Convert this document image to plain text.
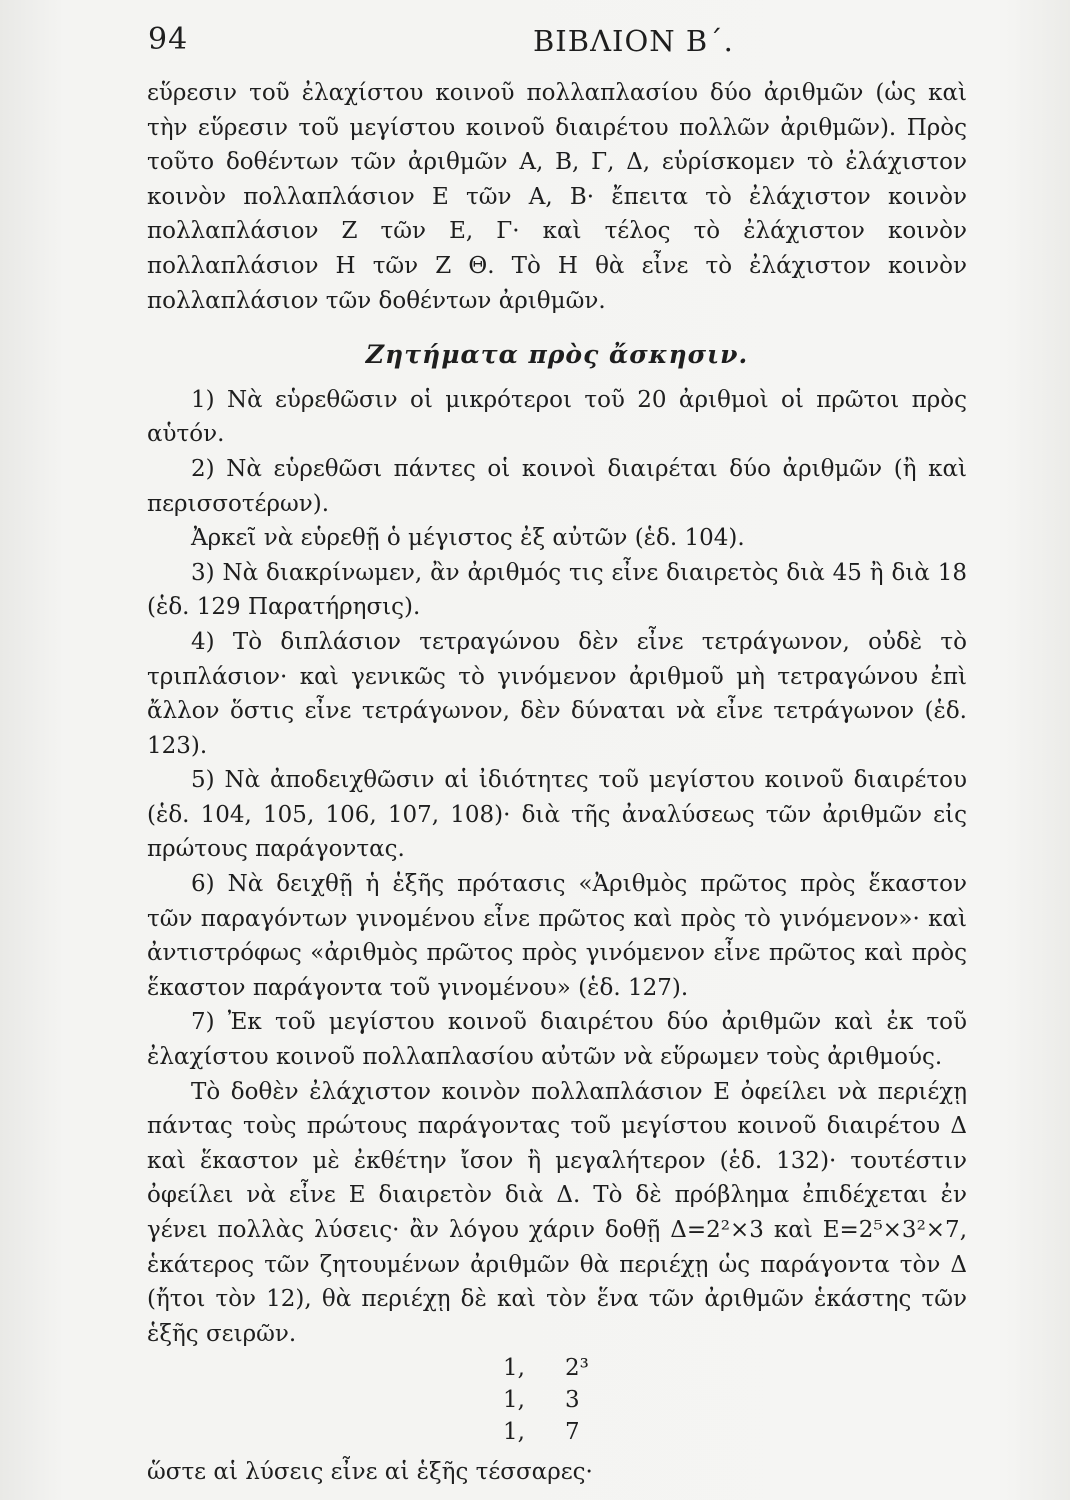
94	ΒΙΒΛΙΟΝ Β΄.

εὕρεσιν τοῦ ἐλαχίστου κοινοῦ πολλαπλασίου δύο ἀριθμῶν (ὡς καὶ τὴν εὕρεσιν τοῦ μεγίστου κοινοῦ διαιρέτου πολλῶν ἀριθμῶν). Πρὸς τοῦτο δοθέντων τῶν ἀριθμῶν Α, Β, Γ, Δ, εὑρίσκομεν τὸ ἐλάχιστον κοινὸν πολλαπλάσιον Ε τῶν Α, Β· ἔπειτα τὸ ἐλάχιστον κοινὸν πολλαπλάσιον Ζ τῶν Ε, Γ· καὶ τέλος τὸ ἐλάχιστον κοινὸν πολλαπλάσιον Η τῶν Ζ Θ. Τὸ Η θὰ εἶνε τὸ ἐλάχιστον κοινὸν πολλαπλάσιον τῶν δοθέντων ἀριθμῶν.

Ζητήματα πρὸς ἄσκησιν.

1) Νὰ εὑρεθῶσιν οἱ μικρότεροι τοῦ 20 ἀριθμοὶ οἱ πρῶτοι πρὸς αὑτόν.

2) Νὰ εὑρεθῶσι πάντες οἱ κοινοὶ διαιρέται δύο ἀριθμῶν (ἢ καὶ περισσοτέρων).

Ἀρκεῖ νὰ εὑρεθῇ ὁ μέγιστος ἐξ αὐτῶν (ἑδ. 104).

3) Νὰ διακρίνωμεν, ἂν ἀριθμός τις εἶνε διαιρετὸς διὰ 45 ἢ διὰ 18 (ἑδ. 129 Παρατήρησις).

4) Τὸ διπλάσιον τετραγώνου δὲν εἶνε τετράγωνον, οὐδὲ τὸ τριπλάσιον· καὶ γενικῶς τὸ γινόμενον ἀριθμοῦ μὴ τετραγώνου ἐπὶ ἄλλον ὅστις εἶνε τετράγωνον, δὲν δύναται νὰ εἶνε τετράγωνον (ἑδ. 123).

5) Νὰ ἀποδειχθῶσιν αἱ ἰδιότητες τοῦ μεγίστου κοινοῦ διαιρέτου (ἑδ. 104, 105, 106, 107, 108)· διὰ τῆς ἀναλύσεως τῶν ἀριθμῶν εἰς πρώτους παράγοντας.

6) Νὰ δειχθῇ ἡ ἑξῆς πρότασις «Ἀριθμὸς πρῶτος πρὸς ἕκαστον τῶν παραγόντων γινομένου εἶνε πρῶτος καὶ πρὸς τὸ γινόμενον»· καὶ ἀντιστρόφως «ἀριθμὸς πρῶτος πρὸς γινόμενον εἶνε πρῶτος καὶ πρὸς ἕκαστον παράγοντα τοῦ γινομένου» (ἑδ. 127).

7) Ἐκ τοῦ μεγίστου κοινοῦ διαιρέτου δύο ἀριθμῶν καὶ ἐκ τοῦ ἐλαχίστου κοινοῦ πολλαπλασίου αὐτῶν νὰ εὕρωμεν τοὺς ἀριθμούς.

Τὸ δοθὲν ἐλάχιστον κοινὸν πολλαπλάσιον Ε ὀφείλει νὰ περιέχῃ πάντας τοὺς πρώτους παράγοντας τοῦ μεγίστου κοινοῦ διαιρέτου Δ καὶ ἕκαστον μὲ ἐκθέτην ἴσον ἢ μεγαλήτερον (ἑδ. 132)· τουτέστιν ὀφείλει νὰ εἶνε Ε διαιρετὸν διὰ Δ. Τὸ δὲ πρόβλημα ἐπιδέχεται ἐν γένει πολλὰς λύσεις· ἂν λόγου χάριν δοθῇ Δ=2²×3 καὶ Ε=2⁵×3²×7, ἑκάτερος τῶν ζητουμένων ἀριθμῶν θὰ περιέχῃ ὡς παράγοντα τὸν Δ (ἤτοι τὸν 12), θὰ περιέχῃ δὲ καὶ τὸν ἕνα τῶν ἀριθμῶν ἑκάστης τῶν ἑξῆς σειρῶν.

1, 2³
1, 3
1, 7

ὥστε αἱ λύσεις εἶνε αἱ ἑξῆς τέσσαρες·
